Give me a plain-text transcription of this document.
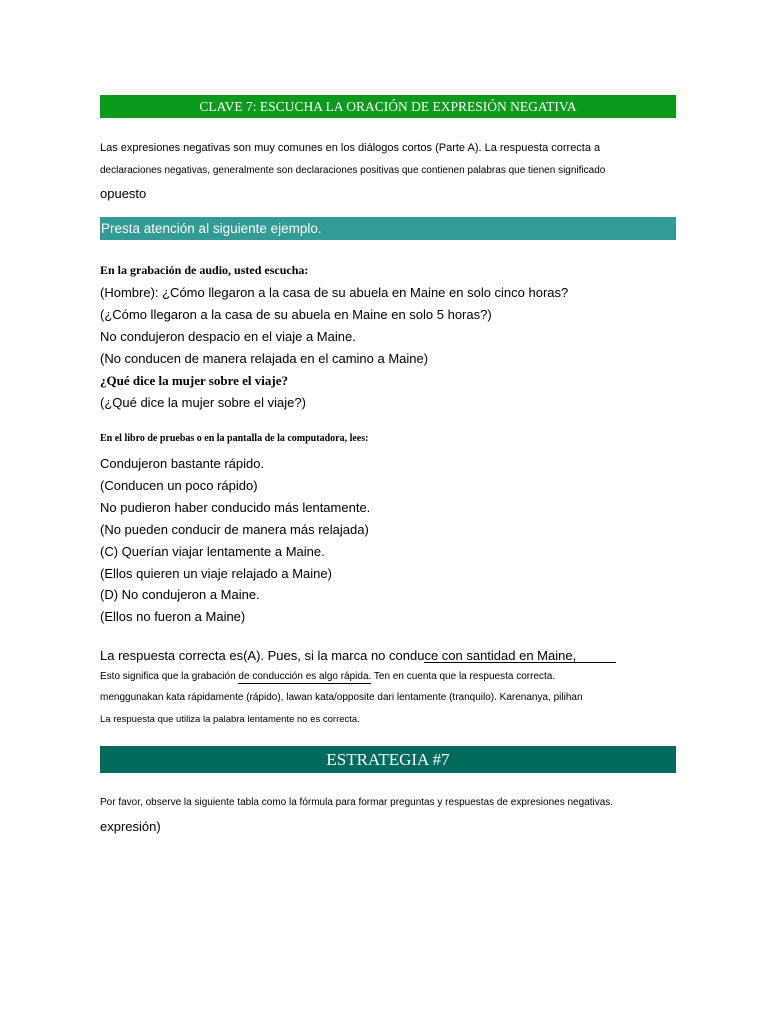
CLAVE 7: ESCUCHA LA ORACIÓN DE EXPRESIÓN NEGATIVA
Las expresiones negativas son muy comunes en los diálogos cortos (Parte A). La respuesta correcta a
declaraciones negativas, generalmente son declaraciones positivas que contienen palabras que tienen significado
opuesto
Presta atención al siguiente ejemplo.
En la grabación de audio, usted escucha:
(Hombre): ¿Cómo llegaron a la casa de su abuela en Maine en solo cinco horas?
(¿Cómo llegaron a la casa de su abuela en Maine en solo 5 horas?)
No condujeron despacio en el viaje a Maine.
(No conducen de manera relajada en el camino a Maine)
¿Qué dice la mujer sobre el viaje?
(¿Qué dice la mujer sobre el viaje?)
En el libro de pruebas o en la pantalla de la computadora, lees:
Condujeron bastante rápido.
(Conducen un poco rápido)
No pudieron haber conducido más lentamente.
(No pueden conducir de manera más relajada)
(C) Querían viajar lentamente a Maine.
(Ellos quieren un viaje relajado a Maine)
(D) No condujeron a Maine.
(Ellos no fueron a Maine)
La respuesta correcta es(A). Pues, si la marca no conduce con santidad en Maine,
Esto significa que la grabación de conducción es algo rápida. Ten en cuenta que la respuesta correcta.
menggunakan kata rápidamente (rápido), lawan kata/opposite dari lentamente (tranquilo). Karenanya, pilihan
La respuesta que utiliza la palabra lentamente no es correcta.
ESTRATEGIA #7
Por favor, observe la siguiente tabla como la fórmula para formar preguntas y respuestas de expresiones negativas.
expresión)
